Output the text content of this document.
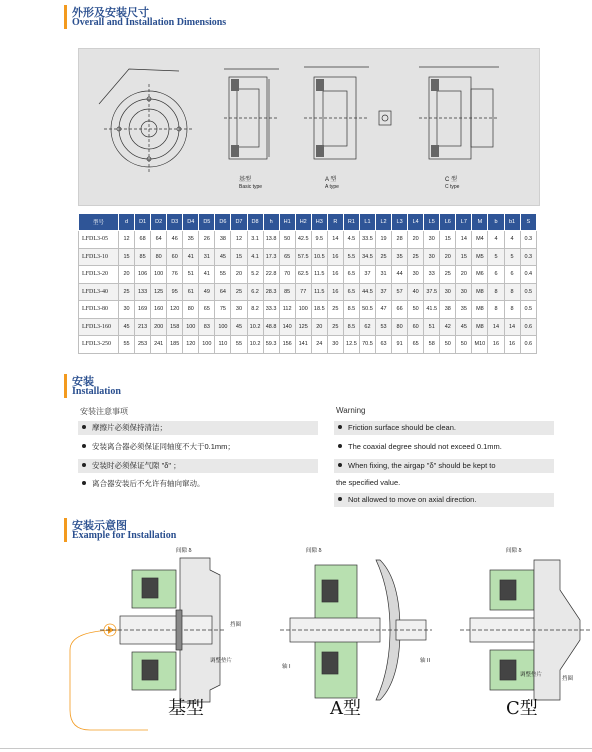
外形及安装尺寸
Overall and Installation Dimensions
基型
Basic type
A 型
A type
C 型
C type
型号	d	D1	D2	D3	D4	D5	D6	D7	D8	h	H1	H2	H3	R	R1	L1	L2	L3	L4	L5	L6	L7	M	b	b1	S
LFDL3-05	12	68	64	46	35	26	38	12	3.1	13.8	50	42.5	9.5	14	4.5	33.5	19	28	20	30	15	14	M4	4	4	0.3
LFDL3-10	15	85	80	60	41	31	45	15	4.1	17.3	65	57.5	10.5	16	5.5	34.5	25	35	25	30	20	15	M5	5	5	0.3
LFDL3-20	20	106	100	76	51	41	55	20	5.2	22.8	70	62.5	11.5	16	6.5	37	31	44	30	33	25	20	M6	6	6	0.4
LFDL3-40	25	133	125	95	61	49	64	25	6.2	28.3	85	77	11.5	16	6.5	44.5	37	57	40	37.5	30	30	M8	8	8	0.5
LFDL3-80	30	169	160	120	80	65	75	30	8.2	33.3	112	100	18.5	25	8.5	50.5	47	66	50	41.5	38	35	M8	8	8	0.5
LFDL3-160	45	213	200	158	100	83	100	45	10.2	48.8	140	125	20	25	8.5	62	53	80	60	51	42	45	M8	14	14	0.6
LFDL3-250	55	253	241	185	120	100	110	55	10.2	59.3	156	141	24	30	12.5	70.5	63	91	65	58	50	50	M10	16	16	0.6
安装
Installation
安装注意事项
摩擦片必须保持清洁；
安装离合器必须保证同轴度不大于0.1mm；
安装时必须保证气隙 "δ" ；
离合器安装后不允许有轴向窜动。
Warning
Friction surface should be clean.
The coaxial degree should not exceed 0.1mm.
When fixing, the airgap "δ" should be kept to
the specified value.
Not allowed to move on axial direction.
安装示意图
Example for Installation
间隙 δ
挡圈
调整垫片
间隙 δ
轴 I
轴 II
间隙 δ
挡圈
调整垫片
基型	A型	C型
